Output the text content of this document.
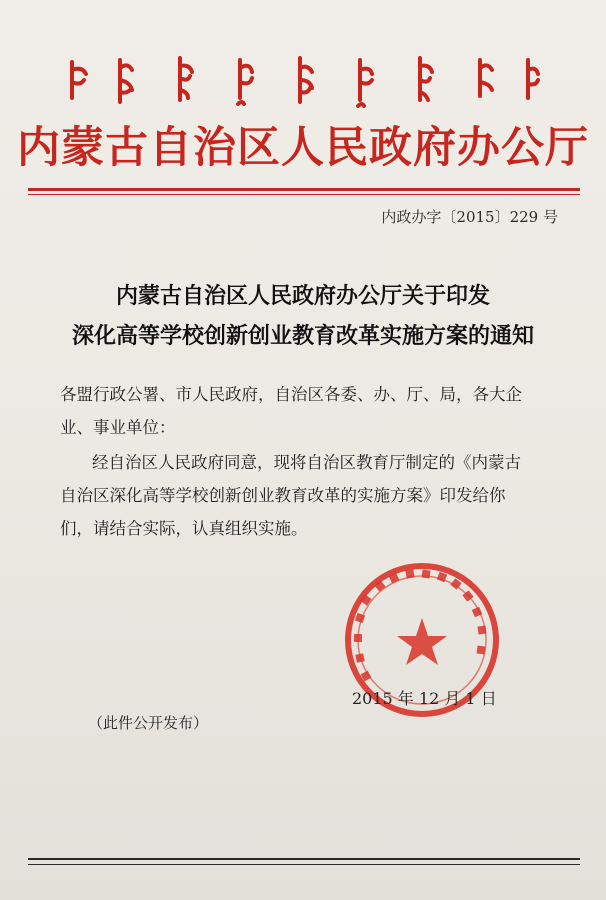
内蒙古自治区人民政府办公厅
内政办字〔2015〕229 号
内蒙古自治区人民政府办公厅关于印发
深化高等学校创新创业教育改革实施方案的通知
各盟行政公署、市人民政府，自治区各委、办、厅、局，各大企
业、事业单位：
经自治区人民政府同意，现将自治区教育厅制定的《内蒙古
自治区深化高等学校创新创业教育改革的实施方案》印发给你
们，请结合实际，认真组织实施。
2015 年 12 月 1 日
（此件公开发布）
